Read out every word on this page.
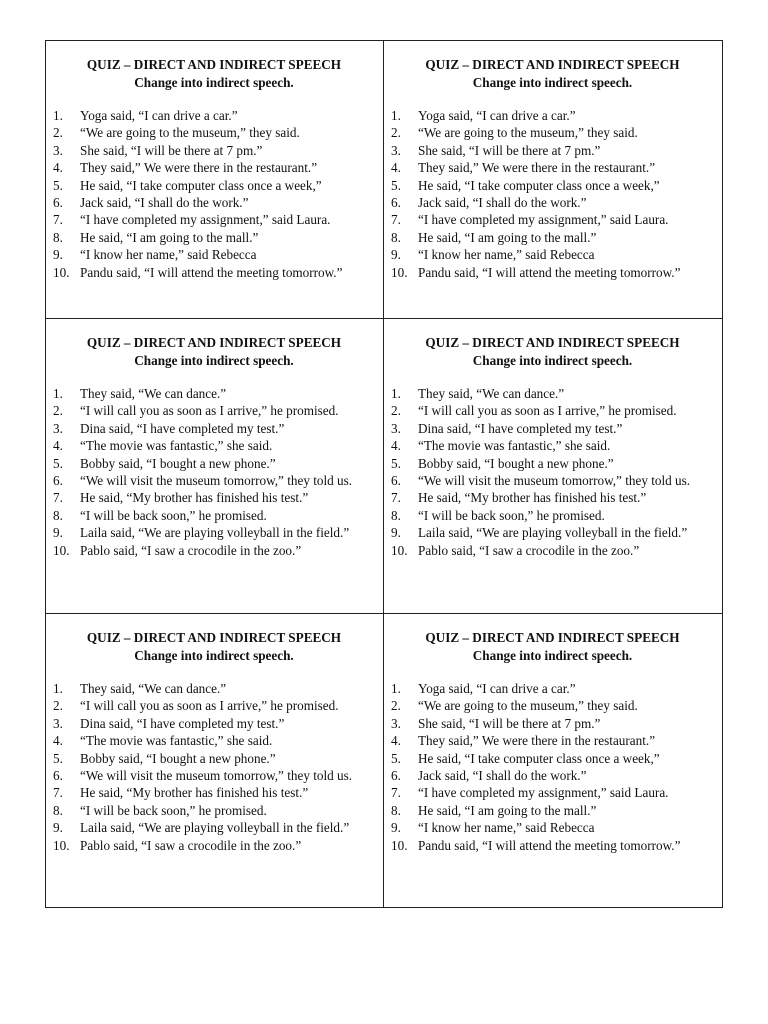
QUIZ – DIRECT AND INDIRECT SPEECH

Change into indirect speech.

1.	Yoga said, “I can drive a car.”
2.	“We are going to the museum,” they said.
3.	She said, “I will be there at 7 pm.”
4.	They said,” We were there in the restaurant.”
5.	He said, “I take computer class once a week,”
6.	Jack said, “I shall do the work.”
7.	“I have completed my assignment,” said Laura.
8.	He said, “I am going to the mall.”
9.	“I know her name,” said Rebecca
10. Pandu said, “I will attend the meeting tomorrow.”

QUIZ – DIRECT AND INDIRECT SPEECH

Change into indirect speech.

1.	Yoga said, “I can drive a car.”
2.	“We are going to the museum,” they said.
3.	She said, “I will be there at 7 pm.”
4.	They said,” We were there in the restaurant.”
5.	He said, “I take computer class once a week,”
6.	Jack said, “I shall do the work.”
7.	“I have completed my assignment,” said Laura.
8.	He said, “I am going to the mall.”
9.	“I know her name,” said Rebecca
10. Pandu said, “I will attend the meeting tomorrow.”

QUIZ – DIRECT AND INDIRECT SPEECH

Change into indirect speech.

1.	They said, “We can dance.”
2.	“I will call you as soon as I arrive,” he promised.
3.	Dina said, “I have completed my test.”
4.	“The movie was fantastic,” she said.
5.	Bobby said, “I bought a new phone.”
6.	“We will visit the museum tomorrow,” they told us.
7.	He said, “My brother has finished his test.”
8.	“I will be back soon,” he promised.
9.	Laila said, “We are playing volleyball in the field.”
10. Pablo said, “I saw a crocodile in the zoo.”

QUIZ – DIRECT AND INDIRECT SPEECH

Change into indirect speech.

1.	They said, “We can dance.”
2.	“I will call you as soon as I arrive,” he promised.
3.	Dina said, “I have completed my test.”
4.	“The movie was fantastic,” she said.
5.	Bobby said, “I bought a new phone.”
6.	“We will visit the museum tomorrow,” they told us.
7.	He said, “My brother has finished his test.”
8.	“I will be back soon,” he promised.
9.	Laila said, “We are playing volleyball in the field.”
10. Pablo said, “I saw a crocodile in the zoo.”

QUIZ – DIRECT AND INDIRECT SPEECH

Change into indirect speech.

1.	They said, “We can dance.”
2.	“I will call you as soon as I arrive,” he promised.
3.	Dina said, “I have completed my test.”
4.	“The movie was fantastic,” she said.
5.	Bobby said, “I bought a new phone.”
6.	“We will visit the museum tomorrow,” they told us.
7.	He said, “My brother has finished his test.”
8.	“I will be back soon,” he promised.
9.	Laila said, “We are playing volleyball in the field.”
10. Pablo said, “I saw a crocodile in the zoo.”

QUIZ – DIRECT AND INDIRECT SPEECH

Change into indirect speech.

1.	Yoga said, “I can drive a car.”
2.	“We are going to the museum,” they said.
3.	She said, “I will be there at 7 pm.”
4.	They said,” We were there in the restaurant.”
5.	He said, “I take computer class once a week,”
6.	Jack said, “I shall do the work.”
7.	“I have completed my assignment,” said Laura.
8.	He said, “I am going to the mall.”
9.	“I know her name,” said Rebecca
10. Pandu said, “I will attend the meeting tomorrow.”
